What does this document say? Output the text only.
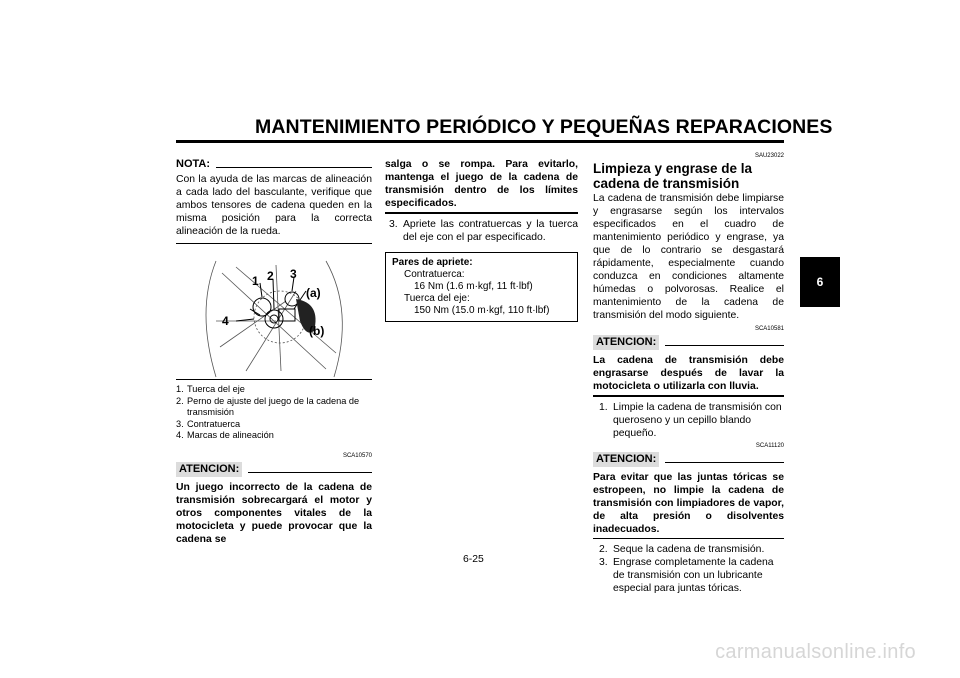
MANTENIMIENTO PERIÓDICO Y PEQUEÑAS REPARACIONES
6
NOTA:

Con la ayuda de las marcas de alineación a cada lado del basculante, verifique que ambos tensores de cadena queden en la misma posición para la correcta alineación de la rueda.

1 2 3
4
(a)
(b)
1. Tuerca del eje
2. Perno de ajuste del juego de la cadena de transmisión
3. Contratuerca
4. Marcas de alineación
SCA10570
ATENCION:

Un juego incorrecto de la cadena de transmisión sobrecargará el motor y otros componentes vitales de la motocicleta y puede provocar que la cadena se

salga o se rompa. Para evitarlo, mantenga el juego de la cadena de transmisión dentro de los límites especificados.

3. Apriete las contratuercas y la tuerca del eje con el par especificado.
Pares de apriete:
Contratuerca:
16 Nm (1.6 m·kgf, 11 ft·lbf)
Tuerca del eje:
150 Nm (15.0 m·kgf, 110 ft·lbf)
SAU23022

Limpieza y engrase de la cadena de transmisión

La cadena de transmisión debe limpiarse y engrasarse según los intervalos especificados en el cuadro de mantenimiento periódico y engrase, ya que de lo contrario se desgastará rápidamente, especialmente cuando conduzca en condiciones altamente húmedas o polvorosas. Realice el mantenimiento de la cadena de transmisión del modo siguiente.

SCA10581
ATENCION:

La cadena de transmisión debe engrasarse después de lavar la motocicleta o utilizarla con lluvia.

1. Limpie la cadena de transmisión con queroseno y un cepillo blando pequeño.
SCA11120
ATENCION:

Para evitar que las juntas tóricas se estropeen, no limpie la cadena de transmisión con limpiadores de vapor, de alta presión o disolventes inadecuados.

2. Seque la cadena de transmisión.
3. Engrase completamente la cadena de transmisión con un lubricante especial para juntas tóricas.
6-25
carmanualsonline.info
